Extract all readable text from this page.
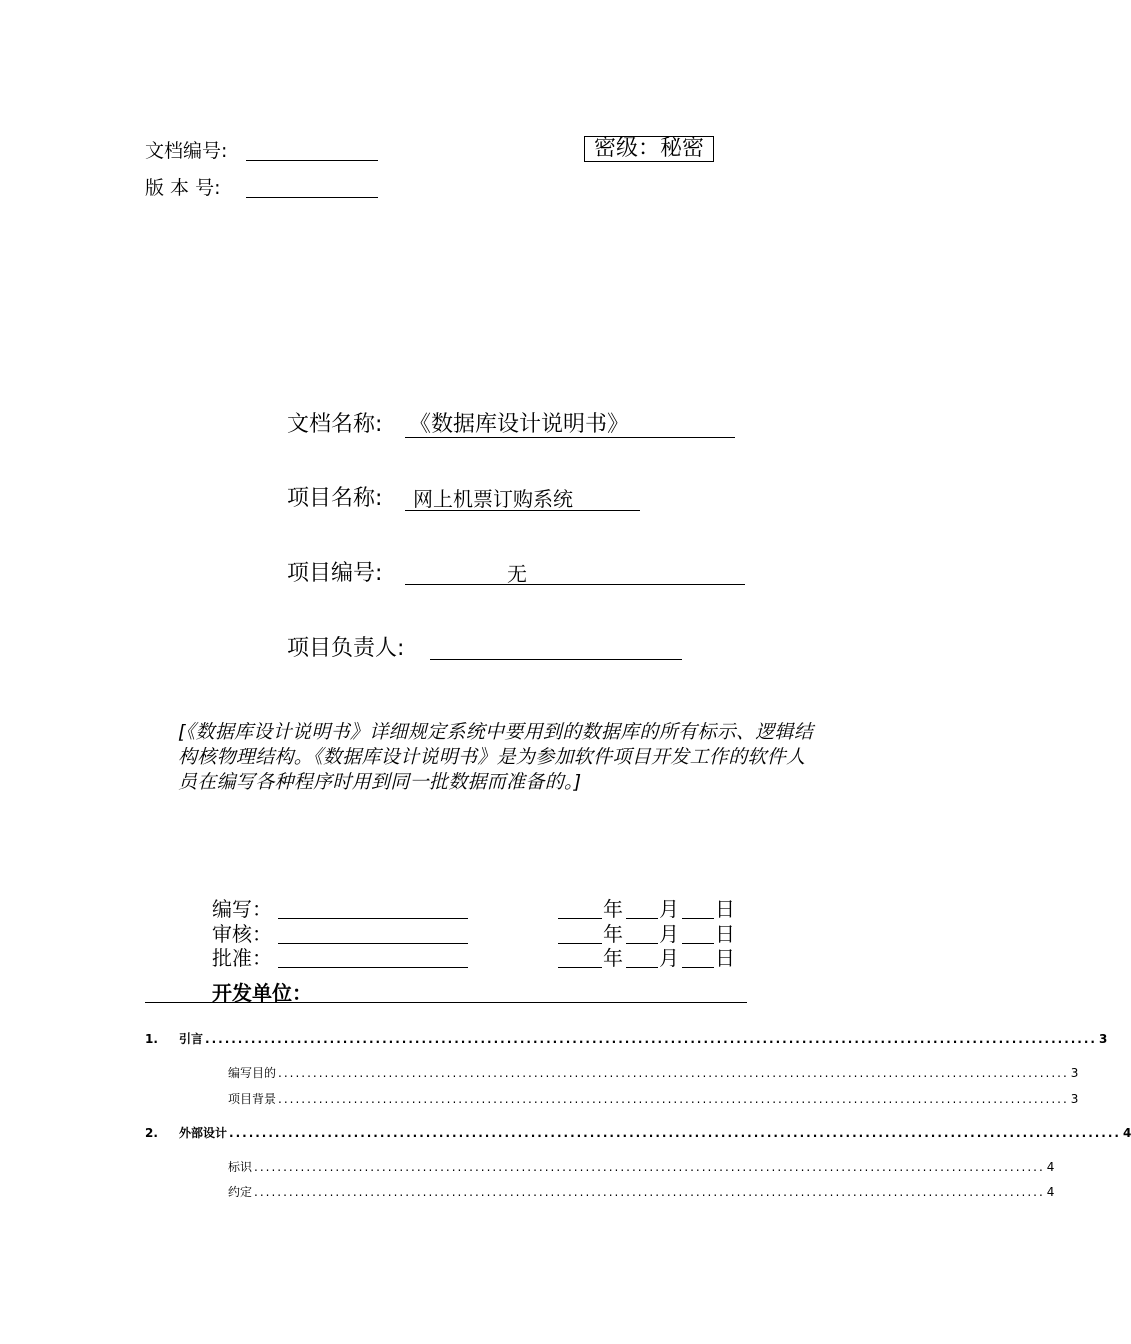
文档编号:
版 本 号:
密级：秘密
文档名称: 《数据库设计说明书》
项目名称: 网上机票订购系统
项目编号:	无
项目负责人:
[《数据库设计说明书》详细规定系统中要用到的数据库的所有标示、逻辑结构核物理结构。《数据库设计说明书》是为参加软件项目开发工作的软件人员在编写各种程序时用到同一批数据而准备的。]
编写：	年 月 日
审核：	年 月 日
批准：	年 月 日
开发单位：
1.	引言 ........................................................................................................................................ 3
编写目的 ........................................................................................................................................ 3
项目背景 ........................................................................................................................................ 3
2.	外部设计 ........................................................................................................................................ 4
标识 ........................................................................................................................................ 4
约定 ........................................................................................................................................ 4
